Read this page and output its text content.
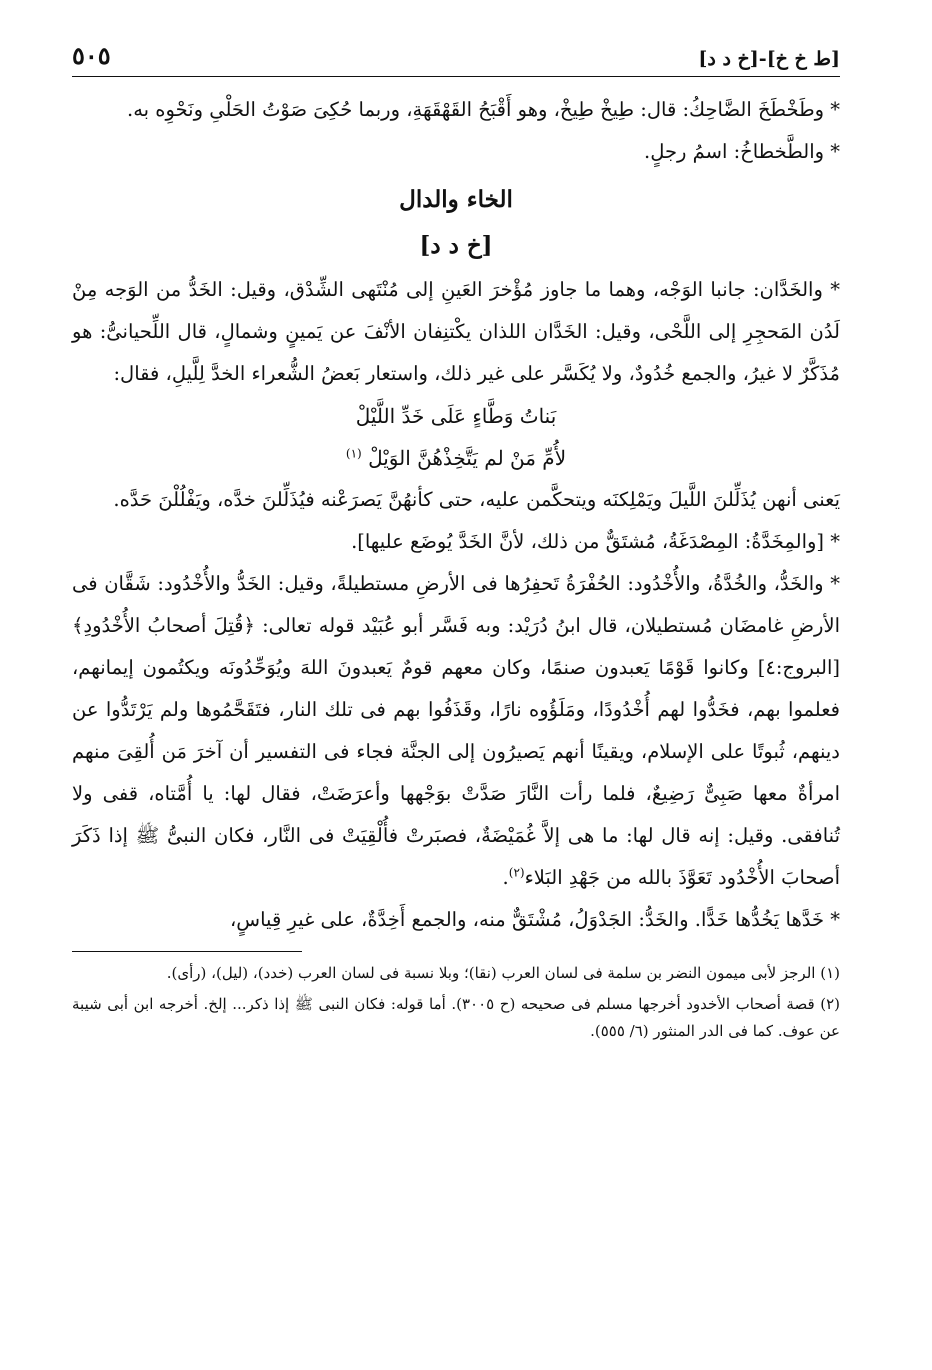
[ط خ خ]-[خ د د]
٥٠٥

* وطَخْطَخَ الضَّاحِكُ: قال: طِيخْ طِيخْ، وهو أَقْبَحُ القَهْقَهَةِ، وربما حُكِىَ صَوْتُ الحَلْىِ ونَحْوِه به.

* والطَّخطاخُ: اسمُ رجلٍ.

الخاء والدال

[خ د د]

* والخَدَّان: جانبا الوَجْه، وهما ما جاوز مُؤْخرَ العَينِ إلى مُنْتَهى الشِّدْق، وقيل: الخَدُّ من الوَجه مِنْ لَدُن المَحجِرِ إلى اللَّحْى، وقيل: الخَدَّان اللذان يكْتنِفان الأنْفَ عن يَمينٍ وشمالٍ، قال اللِّحيانىُّ: هو مُذَكَّرٌ لا غيرُ، والجمع خُدُودٌ، ولا يُكَسَّر على غير ذلك، واستعار بَعضُ الشُّعراء الخدَّ لِلَّيلِ، فقال:

بَناتُ وَطَّاءٍ عَلَى خَدِّ اللَّيْلْ

لأُمِّ مَنْ لم يَتَّخِذْهُنَّ الوَيْلْ $^{(١)}$

يَعنى أنهن يُذَلِّلنَ اللَّيلَ ويَمْلِكنَه ويتحكَّمن عليه، حتى كأنهُنَّ يَصرَعْنه فيُذَلِّلنَ خدَّه، ويَفْلُلْنَ حَدَّه.

* [والمِخَدَّةُ: المِصْدَغَةُ، مُشتَقٌّ من ذلك، لأنَّ الخَدَّ يُوضَع عليها].

* والخَدُّ، والخُدَّةُ، والأُخْدُود: الحُفْرَةُ تَحفِرُها فى الأرضِ مستطيلةً، وقيل: الخَدُّ والأُخْدُود: شَقَّان فى الأرضِ غامضَان مُستطيلان، قال ابنُ دُرَيْد: وبه فَسَّر أبو عُبَيْد قوله تعالى: ﴿قُتِلَ أصحابُ الأُخْدُودِ﴾ [البروج:٤] وكانوا قَوْمًا يَعبدون صنمًا، وكان معهم قومٌ يَعبدونَ اللهَ ويُوَحِّدُونَه ويكتُمون إيمانهم، فعلموا بهم، فخَدُّوا لهم أُخْدُودًا، ومَلَؤُوه نارًا، وقَذَفُوا بهم فى تلك النار، فتَقَحَّمُوها ولم يَرْتَدُّوا عن دينهم، ثُبوتًا على الإسلام، ويقينًا أنهم يَصيرُون إلى الجنَّة فجاء فى التفسير أن آخرَ مَن أُلقِىَ منهم امرأةٌ معها صَبِىٌّ رَضِيعٌ، فلما رأت النَّارَ صَدَّتْ بوَجْهها وأعرَضَتْ، فقال لها: يا أُمَّتاه، قفى ولا تُنافقى. وقيل: إنه قال لها: ما هى إلاَّ غُمَيْضَةٌ، فصبَرتْ فأُلْقِيَتْ فى النَّار، فكان النبىُّ ﷺ إذا ذَكَرَ أصحابَ الأُخْدُود تَعَوَّذَ بالله من جَهْدِ البَلاء$^{(٢)}$.

* خَدَّها يَخُدُّها خَدًّا. والخَدُّ: الجَدْوَلُ، مُشْتَقٌّ منه، والجمع أَخِدَّةٌ، على غيرِ قِياسٍ،

(١) الرجز لأبى ميمون النضر بن سلمة فى لسان العرب (نقا)؛ وبلا نسبة فى لسان العرب (خدد)، (ليل)، (رأى).

(٢) قصة أصحاب الأخدود أخرجها مسلم فى صحيحه (ح ٣٠٠٥). أما قوله: فكان النبى ﷺ إذا ذكر... إلخ. أخرجه ابن أبى شيبة عن عوف. كما فى الدر المنثور (٦/ ٥٥٥).
